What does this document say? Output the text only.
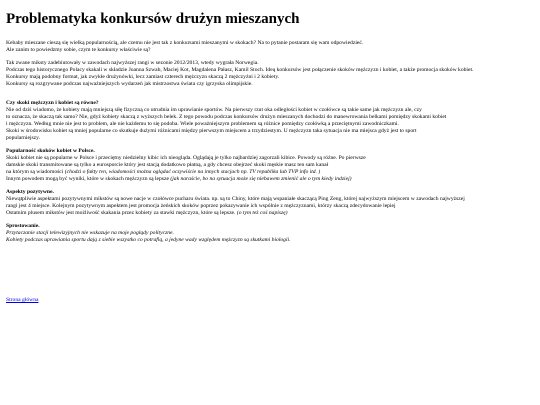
Problematyka konkursów drużyn mieszanych

Kebaby mieszane cieszą się wielką popularnością, ale czemu nie jest tak z konkursami mieszanymi w skokach? Na to pytanie postaram się wam odpowiedzieć.
Ale zanim to powiedzmy sobie, czym te konkursy właściwie są?

Tak zwane miksty zadebiutowały w zawodach najwyższej rangi w sezonie 2012/2013, wtedy wygrała Norwegia.
Podczas tego historycznego Polacy skakali w składzie Joanna Szwab, Maciej Kot, Magdalena Pałasz, Kamil Stoch. Ideą konkursów jest połączenie skoków mężczyzn i kobiet, a także promocja skoków kobiet.
Konkursy mają podobny format, jak zwykłe drużynówki, lecz zamiast czterech mężczyzn skaczą 2 mężczyźni i 2 kobiety.
Konkursy są rozgrywane podczas najważniejszych wydarzeń jak mistrzostwa świata czy igrzyska olimpijskie.

Czy skoki mężczyzn i kobiet są równe?
Nie od dziś wiadomo, że kobiety mają mniejszą siłę fizyczną co utrudnia im uprawianie sportów. Na pierwszy rzut oka odległości kobiet w czołówce są takie same jak mężczyzn ale, czy
to oznacza, że skaczą tak samo? Nie, gdyż kobiety skaczą z wyższych belek. Z tego powodu podczas konkursów drużyn mieszanych dochodzi do manewrowania belkami pomiędzy skokami kobiet
i mężczyzn. Według mnie nie jest to problem, ale nie każdemu to się podoba. Wiele poważniejszym problemem są różnice pomiędzy czołówką a przeciętnymi zawodniczkami.
Skoki w środowisku kobiet są mniej popularne co skutkuje dużymi różnicami między pierwszym miejscem a trzydziestym. U mężczyzn taka sytuacja nie ma miejsca gdyż jest to sport
popularniejszy.

Popularność skoków kobiet w Polsce.
Skoki kobiet nie są popularne w Polsce i przeciętny niedzielny kibic ich nieogląda. Oglądają je tylko najbardziej zagorzali kibice. Powody są różne. Po pierwsze
damskie skoki transmitowane są tylko a eurosporcie który jest stacją dodatkowo płatną, a gdy chcesz obejrzeć skoki męskie masz ten sam kanał
na którym są wiadomości (chodzi o fakty tvn, wiadomości można oglądać oczywiście na innych stacjach np. TV republika lub TVP info itd. )
Innym powodem mogą być wyniki, które w skokach mężczyzn są lepsze (jak naraście, bo na sytuacja może się niebawem zmienić ale o tym kiedy indziej)

Aspekty pozytywne.
Niewątpliwie aspektami pozytywnymi mikstów są nowe nacje w czołówce pucharu świata. np. są to Chiny, które mają wspaniałe skaczącą Ping Zeng, której najwyższym miejscem w zawodach najwyższej
rangi jest 4 miejsce. Kolejnym pozytywnym aspektem jest promocja żeńskich skoków poprzez pokazywanie ich wspólnie z mężczyznami, którzy skaczą zdecydowanie lepiej
Ostatnim plusem mikstów jest możliwość skakania przez kobiety za stawki mężczyzn, które są lepsze. (o tym też coś napiszę)

Sprostowanie.
Przytaczanie stacji telewizyjnych nie wskazuje na moje poglądy polityczne.
Kobiety podczas uprawiania sportu dają z siebie wszystko co potrafią, a jedyne wady względem mężczyzn są skutkami biologii.

Strona główna
